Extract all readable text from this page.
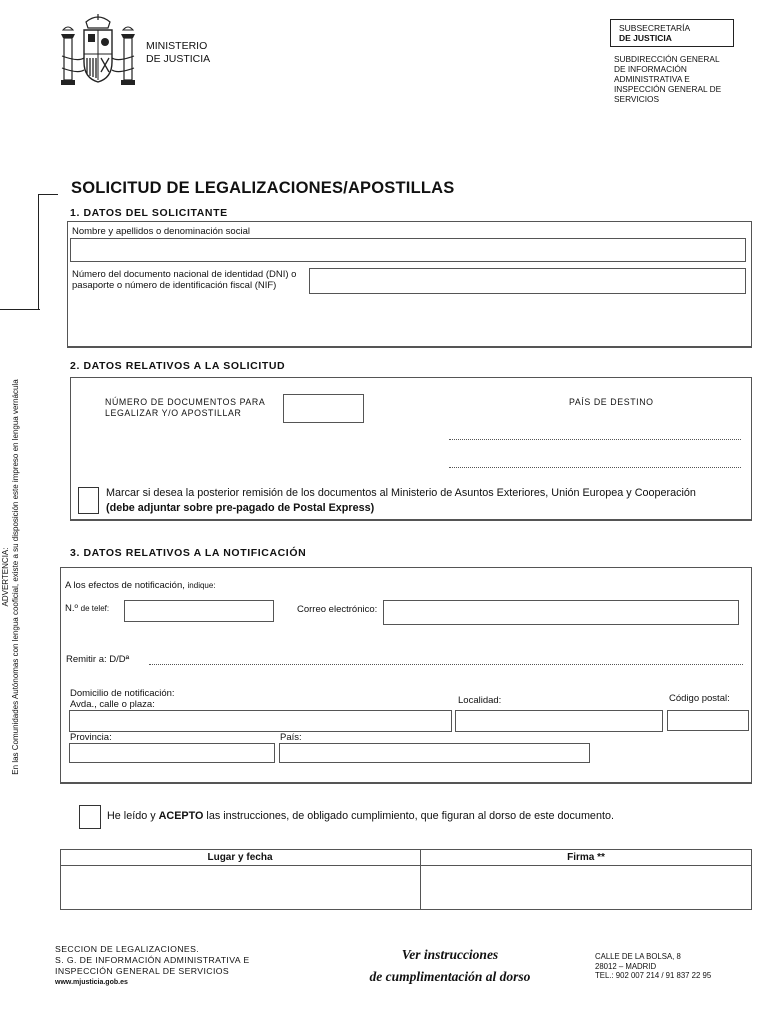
MINISTERIO
DE JUSTICIA
SUBSECRETARÍA
DE JUSTICIA
SUBDIRECCIÓN GENERAL
DE INFORMACIÓN
ADMINISTRATIVA E
INSPECCIÓN GENERAL DE
SERVICIOS
ADVERTENCIA: En las Comunidades Autónomas con lengua cooficial, existe a su disposición este impreso en lengua vernácula
SOLICITUD DE LEGALIZACIONES/APOSTILLAS
1. DATOS DEL SOLICITANTE
Nombre y apellidos o denominación social
Número del documento nacional de identidad (DNI) o
pasaporte o número de identificación fiscal (NIF)
2. DATOS RELATIVOS A LA SOLICITUD
NÚMERO DE DOCUMENTOS PARA
LEGALIZAR Y/O APOSTILLAR
PAÍS DE DESTINO
Marcar si desea la posterior remisión de los documentos al Ministerio de Asuntos Exteriores, Unión Europea y Cooperación
(debe adjuntar sobre pre-pagado de Postal Express)
3. DATOS RELATIVOS A LA NOTIFICACIÓN
A los efectos de notificación, indique:
N.º de telef:	Correo electrónico:
Remitir a: D/Dª
Domicilio de notificación:
Avda., calle o plaza:	Localidad:	Código postal:
Provincia:	País:
He leído y ACEPTO las instrucciones, de obligado cumplimiento, que figuran al dorso de este documento.
Lugar y fecha	Firma **
SECCION DE LEGALIZACIONES.
S. G. DE INFORMACIÓN ADMINISTRATIVA E
INSPECCIÓN GENERAL DE SERVICIOS
www.mjusticia.gob.es
Ver instrucciones
de cumplimentación al dorso
CALLE DE LA BOLSA, 8
28012 – MADRID
TEL.: 902 007 214 / 91 837 22 95
